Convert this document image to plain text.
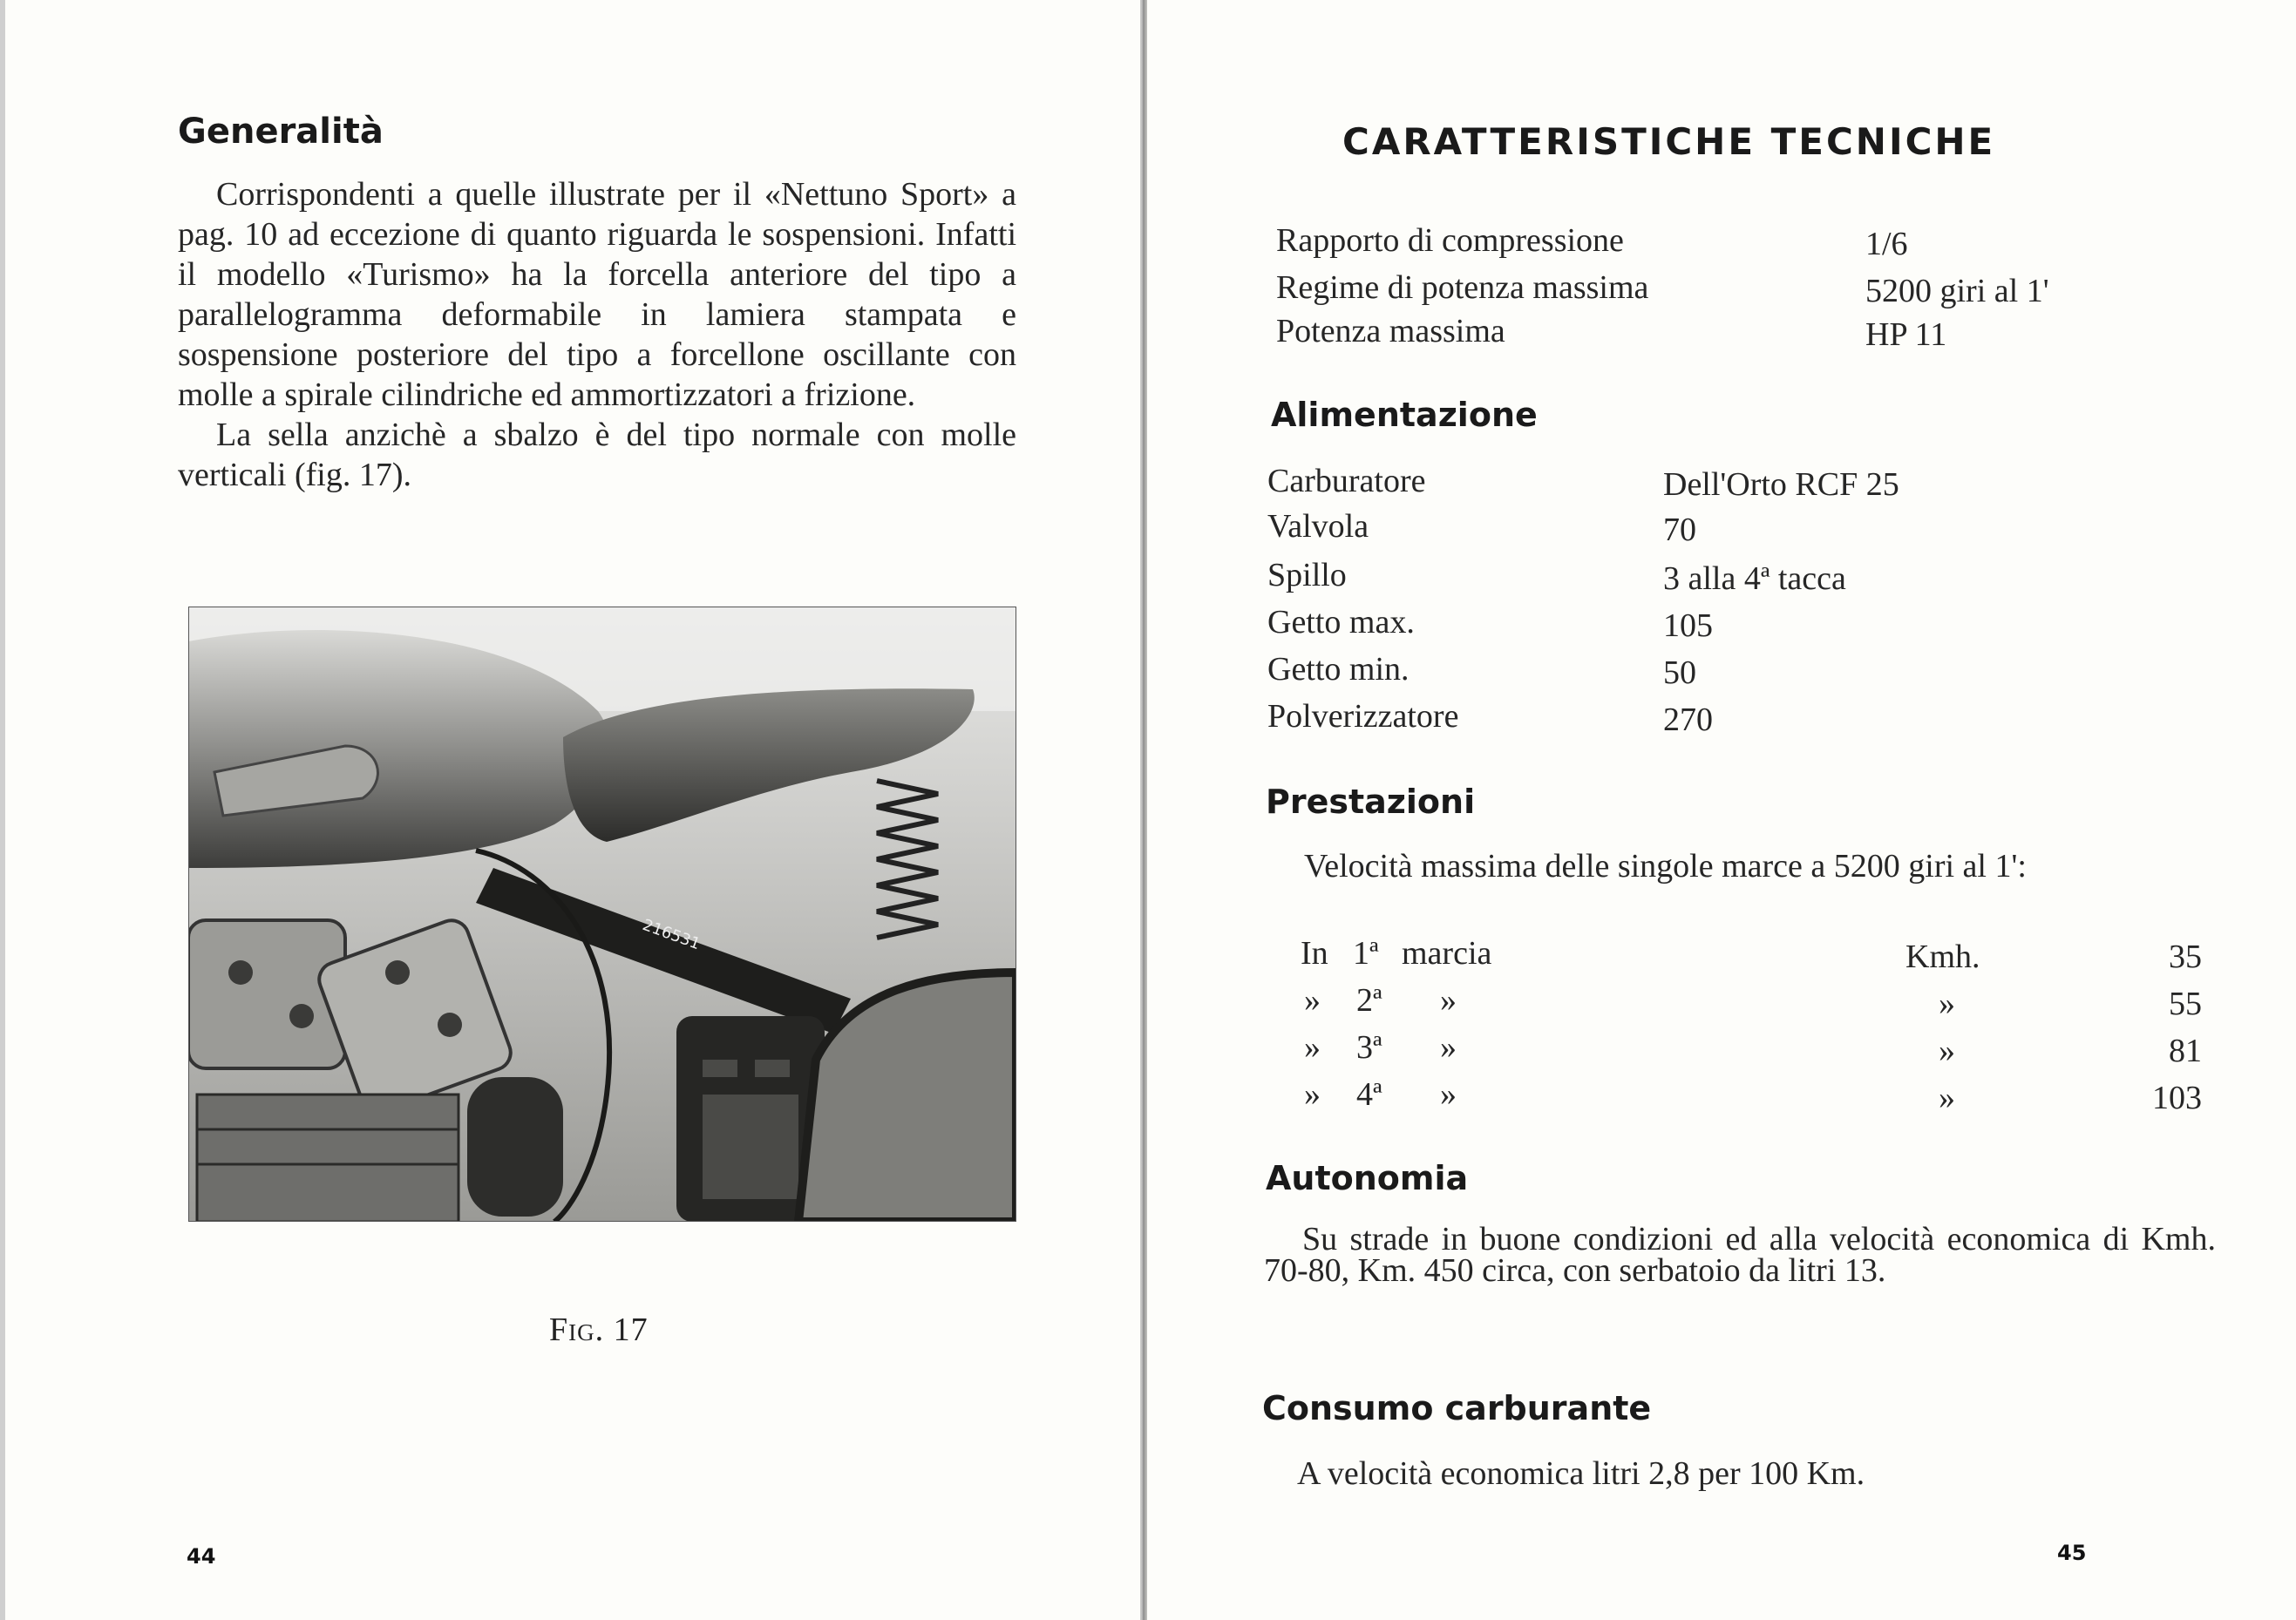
Generalità

Corrispondenti a quelle illustrate per il «Nettuno Sport» a pag. 10 ad eccezione di quanto riguarda le sospensioni. Infatti il modello «Turismo» ha la forcella anteriore del tipo a parallelogramma deformabile in lamiera stampata e sospensione posteriore del tipo a forcellone oscillante con molle a spirale cilindriche ed ammortizzatori a frizione.

La sella anzichè a sbalzo è del tipo normale con molle verticali (fig. 17).

216531
Fig. 17
44
CARATTERISTICHE TECNICHE
Rapporto di compressione	1/6
Regime di potenza massima	5200 giri al 1'
Potenza massima	HP 11
Alimentazione
Carburatore	Dell'Orto RCF 25
Valvola	70
Spillo	3 alla 4ª tacca
Getto max.	105
Getto min.	50
Polverizzatore	270
Prestazioni

Velocità massima delle singole marce a 5200 giri al 1':

In 1ª marcia	Kmh.	35
» 2ª »	»	55
» 3ª »	»	81
» 4ª »	»	103
Autonomia

Su strade in buone condizioni ed alla velocità economica di Kmh. 70-80, Km. 450 circa, con serbatoio da litri 13.

Consumo carburante

A velocità economica litri 2,8 per 100 Km.

45
